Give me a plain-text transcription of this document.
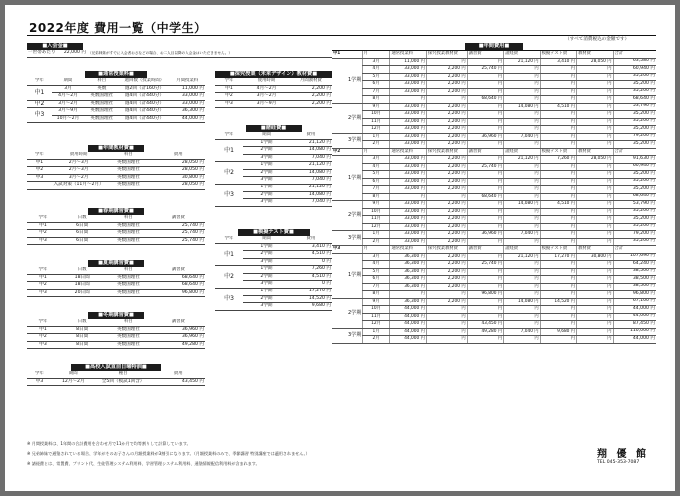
2022年度 費用一覧（中学生）
（すべて消費税込の金額です）
■入会金■
一世帯あたり	22,000 円	（兄弟姉妹がすでに入会者おさなどの場合、お二人目以降の入会金はいただきません。）
■通常授業料■
学年	期間	科目	週回数（授業時間）	月間授業料
中1	3月	英数	週2回（計160分）	11,000 円
	4月〜2月	英数国理社	週4回（計440分）	33,000 円
中2	3月〜2月	英数国理社	週4回（計440分）	33,000 円
中3	3月〜9月	英数国理社	週4回（計440分）	36,300 円
	10月〜2月	英数国理社	週4回（計440分）	44,000 円
■年間教材費■
学年	費用時期	科目	費用
中1	2月〜3月	英数国理社	28,050 円
中2	2月〜3月	英数国理社	28,050 円
中3	3月〜2月	英数国理社	30,800 円
	入試対策（11月〜2月）	英数国理社	28,050 円
■春期講習費■
学年	日数	科目	講習費
中1	6日間	英数国理社	25,740 円
中2	6日間	英数国理社	25,740 円
中3	6日間	英数国理社	25,740 円
■夏期講習費■
学年	日数	科目	講習費
中1	18日間	英数国理社	68,640 円
中2	18日間	英数国理社	68,640 円
中3	20日間	英数国理社	96,800 円
■冬期講習費■
学年	日数	科目	講習費
中1	8日間	英数国理社	36,960 円
中2	8日間	英数国理社	36,960 円
中3	8日間	英数国理社	49,280 円
■高校入試直前日曜特訓■
学年	期間	種目	費用
中3	12月〜2月	全5回（模試1回含）	43,450 円
■探究授業（未来デザイン）教材費■
学年	使用時期	月間教材費
中1	4月〜2月	2,200 円
中2	3月〜2月	2,200 円
中3	3月〜9月	2,200 円
■諸経費■
学年	期間	費用
中1	1学期	21,120 円
	2学期	14,080 円
	3学期	7,040 円
中2	1学期	21,120 円
	2学期	14,080 円
	3学期	7,040 円
中3	1学期	21,120 円
	2学期	14,080 円
	3学期	7,040 円
■模擬テスト費■
学年	期間	費用
中1	1学期	3,410 円
	2学期	4,510 円
	3学期	0 円
中2	1学期	7,260 円
	2学期	4,510 円
	3学期	0 円
中3	1学期	17,270 円
	2学期	14,520 円
	3学期	9,680 円
■年間費用■
中1		月	通常授業料	探究授業教材費	講習費	諸経費	模擬テスト費	教材費	合計
	1学期	3月	11,000 円	円	円	21,120 円	3,410 円	28,050 円	63,580 円
		4月	33,000 円	2,200 円	25,740 円	円	円	円	60,940 円
		5月	33,000 円	2,200 円	円	円	円	円	35,200 円
		6月	33,000 円	2,200 円	円	円	円	円	35,200 円
		7月	33,000 円	2,200 円	円	円	円	円	35,200 円
		8月	円	円	68,640 円	円	円	円	68,640 円
	2学期	9月	33,000 円	2,200 円	円	14,080 円	4,510 円	円	53,790 円
		10月	33,000 円	2,200 円	円	円	円	円	35,200 円
		11月	33,000 円	2,200 円	円	円	円	円	35,200 円
		12月	33,000 円	2,200 円	円	円	円	円	35,200 円
	3学期	1月	33,000 円	2,200 円	36,960 円	7,040 円	円	円	79,200 円
		2月	33,000 円	2,200 円	円	円	円	円	35,200 円
中2		月	通常授業料	探究授業教材費	講習費	諸経費	模擬テスト費	教材費	合計
	1学期	3月	33,000 円	2,200 円	円	21,120 円	7,260 円	28,050 円	91,630 円
		4月	33,000 円	2,200 円	25,740 円	円	円	円	60,940 円
		5月	33,000 円	2,200 円	円	円	円	円	35,200 円
		6月	33,000 円	2,200 円	円	円	円	円	35,200 円
		7月	33,000 円	2,200 円	円	円	円	円	35,200 円
		8月	円	円	68,640 円	円	円	円	68,640 円
	2学期	9月	33,000 円	2,200 円	円	14,080 円	4,510 円	円	53,790 円
		10月	33,000 円	2,200 円	円	円	円	円	35,200 円
		11月	33,000 円	2,200 円	円	円	円	円	35,200 円
		12月	33,000 円	2,200 円	円	円	円	円	35,200 円
	3学期	1月	33,000 円	2,200 円	36,960 円	7,040 円	円	円	79,200 円
		2月	33,000 円	2,200 円	円	円	円	円	35,200 円
中3		月	通常授業料	探究授業教材費	講習費	諸経費	模擬テスト費	教材費	合計
	1学期	3月	36,300 円	2,200 円	円	21,120 円	17,270 円	30,800 円	107,690 円
		4月	36,300 円	2,200 円	25,740 円	円	円	円	64,240 円
		5月	36,300 円	2,200 円	円	円	円	円	38,500 円
		6月	36,300 円	2,200 円	円	円	円	円	38,500 円
		7月	36,300 円	2,200 円	円	円	円	円	38,500 円
		8月	円	円	96,800 円	円	円	円	96,800 円
	2学期	9月	36,300 円	2,200 円	円	14,080 円	14,520 円	円	67,100 円
		10月	44,000 円	円	円	円	円	円	44,000 円
		11月	44,000 円	円	円	円	円	円	44,000 円
		12月	44,000 円	円	43,450 円	円	円	円	87,450 円
	3学期	1月	44,000 円	円	49,280 円	7,040 円	9,680 円	円	110,000 円
		2月	44,000 円	円	円	円	円	円	44,000 円
※ 月間授業料は、1年間の合計費用を合わせ月で11か月で均等割りして計算しています。
※ 兄弟姉妹で通塾されている場合、学年がそのお子さんの月額授業料が3割引になります。（月額授業料のみで、季節講習 特別講座では適用されません。）
※ 諸経費とは、常置費、プリント代、生徒管理システム利用料、学習管理システム利用料、通塾情報配信利用料が含まれます。
翔 優 館
TEL 045-353-7087
